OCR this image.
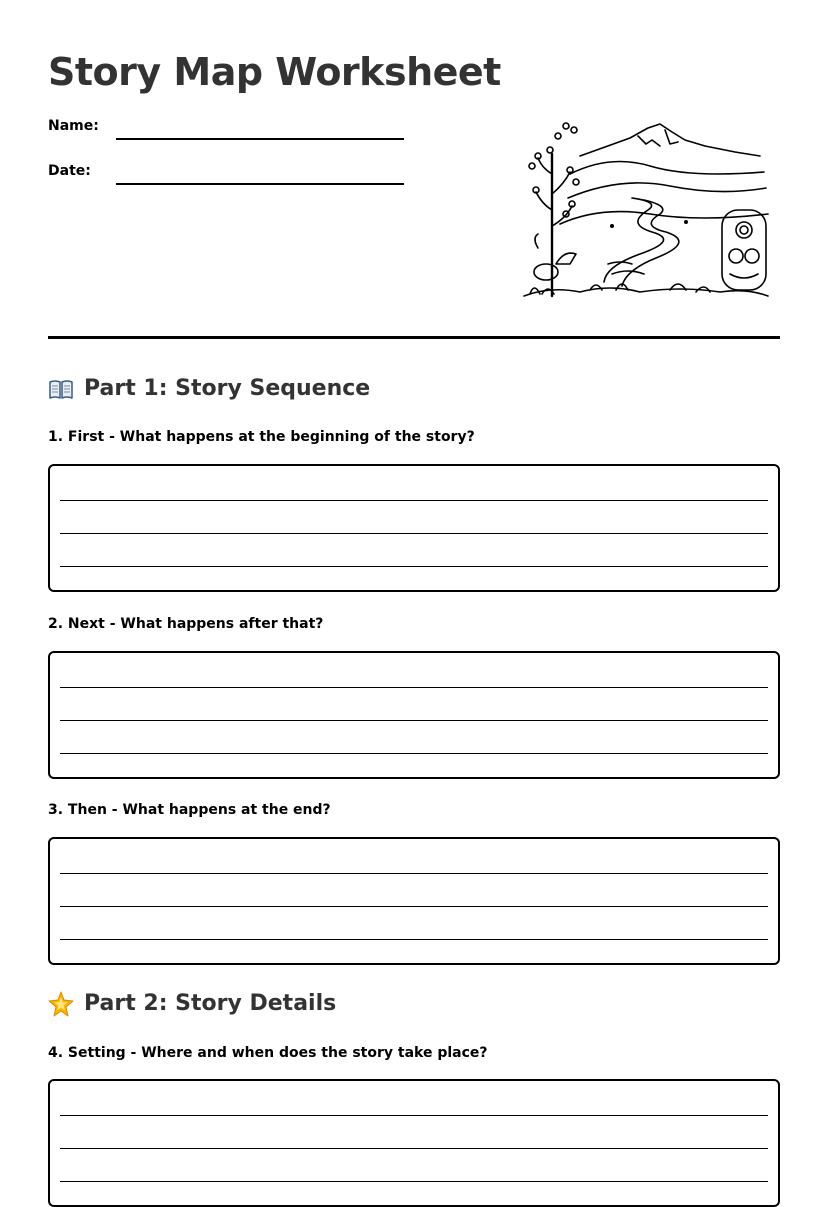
Story Map Worksheet
Name:
Date:
Part 1: Story Sequence
1. First - What happens at the beginning of the story?
2. Next - What happens after that?
3. Then - What happens at the end?
Part 2: Story Details
4. Setting - Where and when does the story take place?
